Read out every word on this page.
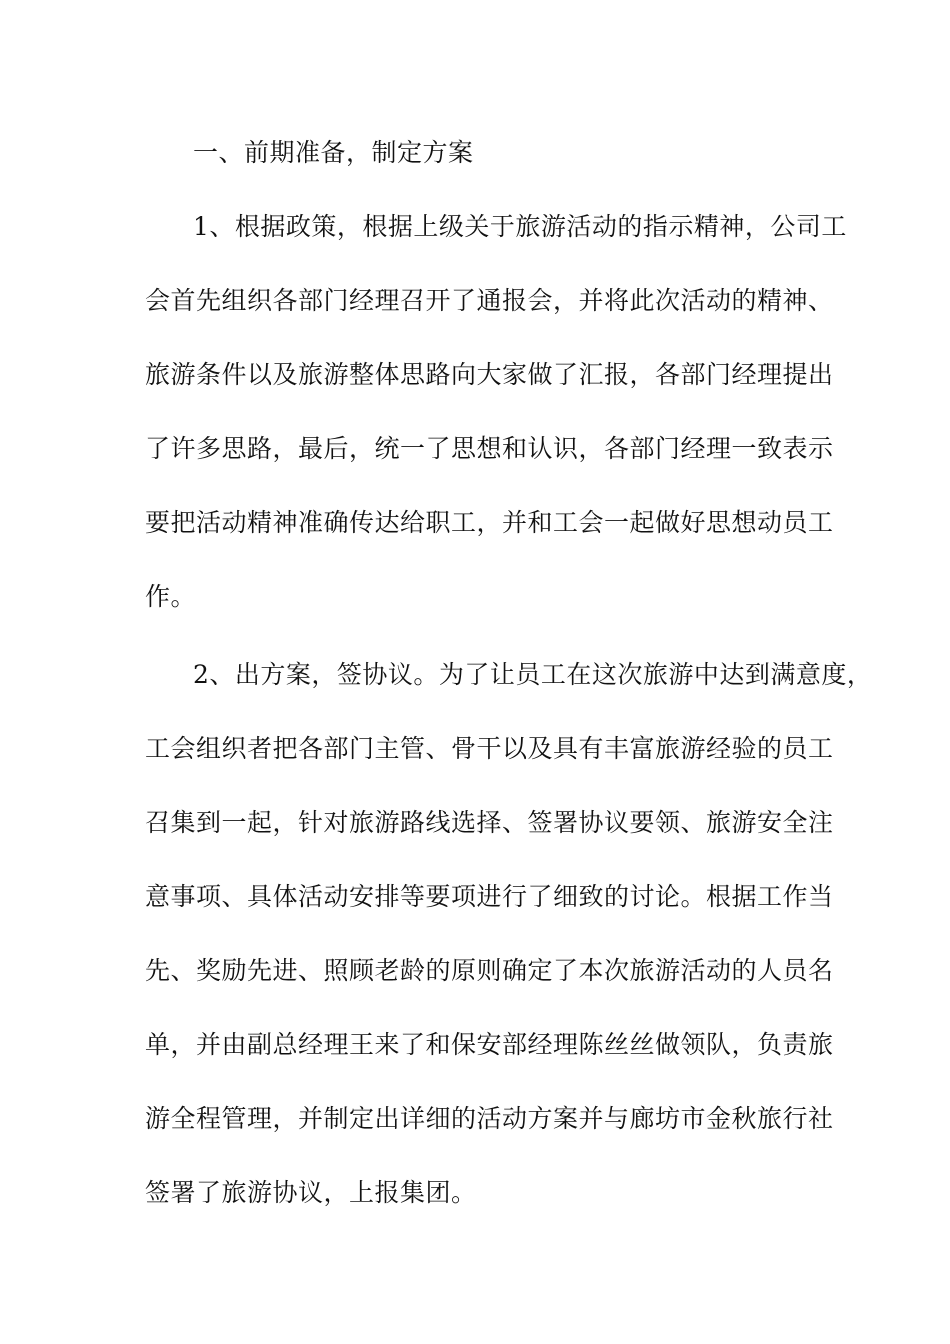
一、前期准备，制定方案
1、根据政策，根据上级关于旅游活动的指示精神，公司工
会首先组织各部门经理召开了通报会，并将此次活动的精神、
旅游条件以及旅游整体思路向大家做了汇报，各部门经理提出
了许多思路，最后，统一了思想和认识，各部门经理一致表示
要把活动精神准确传达给职工，并和工会一起做好思想动员工
作。
2、出方案，签协议。为了让员工在这次旅游中达到满意度，
工会组织者把各部门主管、骨干以及具有丰富旅游经验的员工
召集到一起，针对旅游路线选择、签署协议要领、旅游安全注
意事项、具体活动安排等要项进行了细致的讨论。根据工作当
先、奖励先进、照顾老龄的原则确定了本次旅游活动的人员名
单，并由副总经理王来了和保安部经理陈丝丝做领队，负责旅
游全程管理，并制定出详细的活动方案并与廊坊市金秋旅行社
签署了旅游协议，上报集团。
